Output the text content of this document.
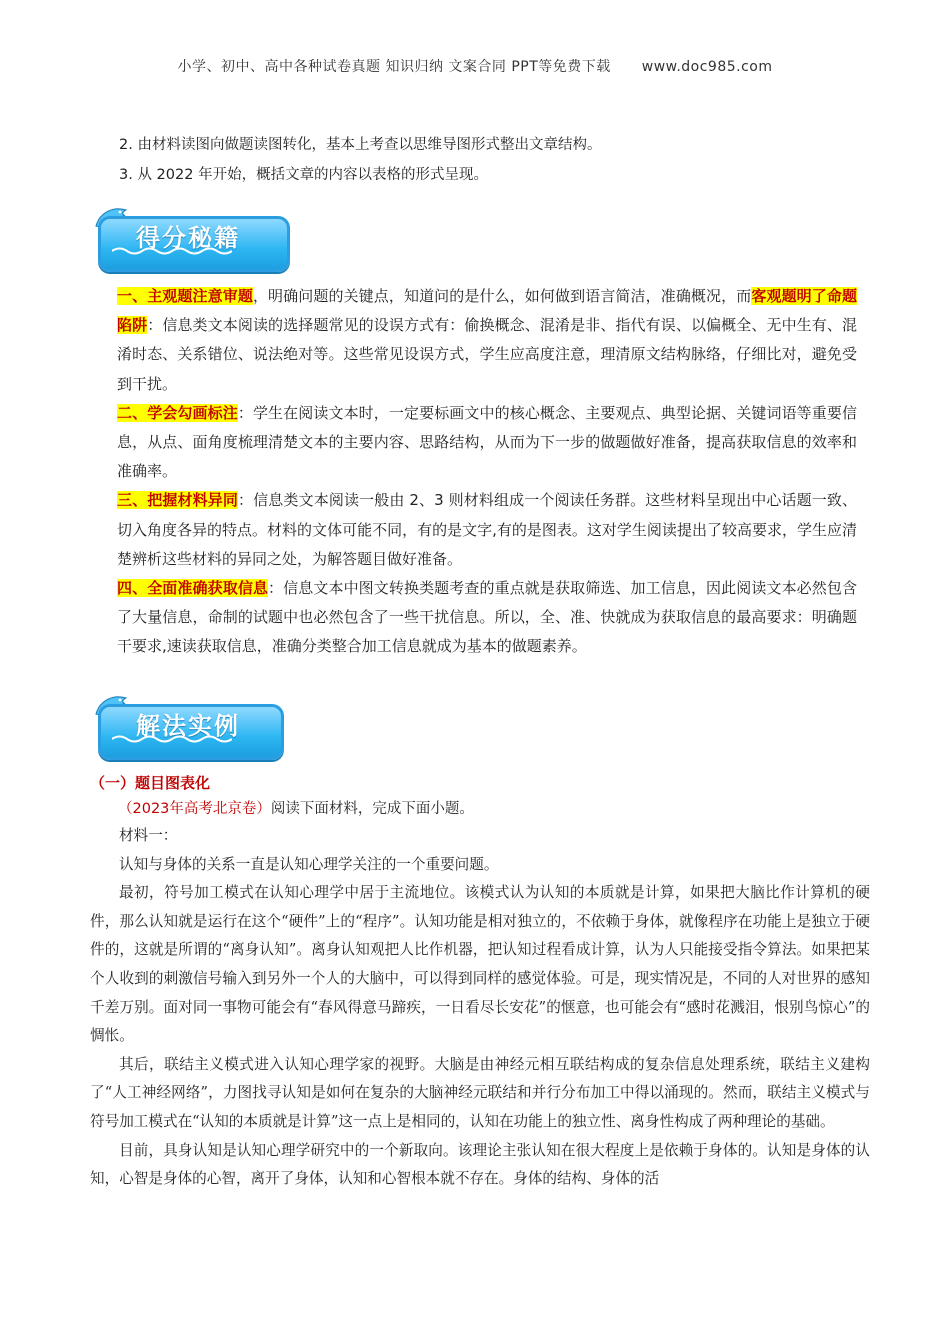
小学、初中、高中各种试卷真题 知识归纳 文案合同 PPT等免费下载 www.doc985.com

2. 由材料读图向做题读图转化，基本上考查以思维导图形式整出文章结构。

3. 从 2022 年开始，概括文章的内容以表格的形式呈现。

得分秘籍

一、主观题注意审题，明确问题的关键点，知道问的是什么，如何做到语言简洁，准确概况，而客观题明了命题陷阱：信息类文本阅读的选择题常见的设误方式有：偷换概念、混淆是非、指代有误、以偏概全、无中生有、混淆时态、关系错位、说法绝对等。这些常见设误方式，学生应高度注意，理清原文结构脉络，仔细比对，避免受到干扰。

二、学会勾画标注：学生在阅读文本时，一定要标画文中的核心概念、主要观点、典型论据、关键词语等重要信息，从点、面角度梳理清楚文本的主要内容、思路结构，从而为下一步的做题做好准备，提高获取信息的效率和准确率。

三、把握材料异同：信息类文本阅读一般由 2、3 则材料组成一个阅读任务群。这些材料呈现出中心话题一致、切入角度各异的特点。材料的文体可能不同，有的是文字,有的是图表。这对学生阅读提出了较高要求，学生应清楚辨析这些材料的异同之处，为解答题目做好准备。

四、全面准确获取信息：信息文本中图文转换类题考查的重点就是获取筛选、加工信息，因此阅读文本必然包含了大量信息，命制的试题中也必然包含了一些干扰信息。所以，全、准、快就成为获取信息的最高要求：明确题干要求,速读获取信息，准确分类整合加工信息就成为基本的做题素养。

解法实例

（一）题目图表化

（2023年高考北京卷）阅读下面材料，完成下面小题。

材料一：

认知与身体的关系一直是认知心理学关注的一个重要问题。

最初，符号加工模式在认知心理学中居于主流地位。该模式认为认知的本质就是计算，如果把大脑比作计算机的硬件，那么认知就是运行在这个“硬件”上的“程序”。认知功能是相对独立的，不依赖于身体，就像程序在功能上是独立于硬件的，这就是所谓的“离身认知”。离身认知观把人比作机器，把认知过程看成计算，认为人只能接受指令算法。如果把某个人收到的刺激信号输入到另外一个人的大脑中，可以得到同样的感觉体验。可是，现实情况是，不同的人对世界的感知千差万别。面对同一事物可能会有“春风得意马蹄疾，一日看尽长安花”的惬意，也可能会有“感时花溅泪，恨别鸟惊心”的惆怅。

其后，联结主义模式进入认知心理学家的视野。大脑是由神经元相互联结构成的复杂信息处理系统，联结主义建构了“人工神经网络”，力图找寻认知是如何在复杂的大脑神经元联结和并行分布加工中得以涌现的。然而，联结主义模式与符号加工模式在“认知的本质就是计算”这一点上是相同的，认知在功能上的独立性、离身性构成了两种理论的基础。

目前，具身认知是认知心理学研究中的一个新取向。该理论主张认知在很大程度上是依赖于身体的。认知是身体的认知，心智是身体的心智，离开了身体，认知和心智根本就不存在。身体的结构、身体的活
